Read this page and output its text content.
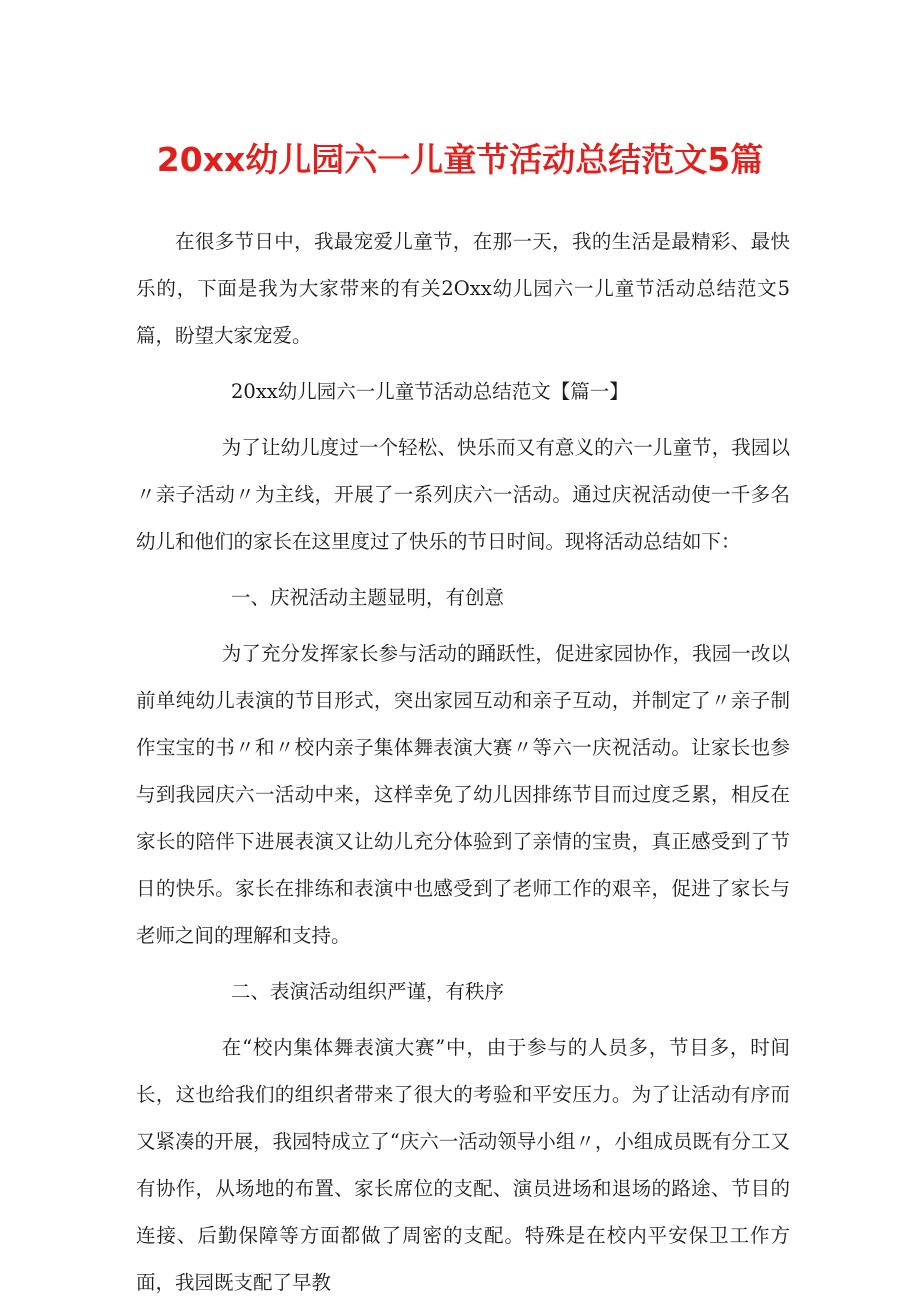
20xx幼儿园六一儿童节活动总结范文5篇

在很多节日中，我最宠爱儿童节，在那一天，我的生活是最精彩、最快乐的，下面是我为大家带来的有关2Oxx幼儿园六一儿童节活动总结范文5篇，盼望大家宠爱。

20xx幼儿园六一儿童节活动总结范文【篇一】

为了让幼儿度过一个轻松、快乐而又有意义的六一儿童节，我园以〃亲子活动〃为主线，开展了一系列庆六一活动。通过庆祝活动使一千多名幼儿和他们的家长在这里度过了快乐的节日时间。现将活动总结如下：

一、庆祝活动主题显明，有创意

为了充分发挥家长参与活动的踊跃性，促进家园协作，我园一改以前单纯幼儿表演的节目形式，突出家园互动和亲子互动，并制定了〃亲子制作宝宝的书〃和〃校内亲子集体舞表演大赛〃等六一庆祝活动。让家长也参与到我园庆六一活动中来，这样幸免了幼儿因排练节目而过度乏累，相反在家长的陪伴下进展表演又让幼儿充分体验到了亲情的宝贵，真正感受到了节日的快乐。家长在排练和表演中也感受到了老师工作的艰辛，促进了家长与老师之间的理解和支持。

二、表演活动组织严谨，有秩序

在“校内集体舞表演大赛”中，由于参与的人员多，节目多，时间长，这也给我们的组织者带来了很大的考验和平安压力。为了让活动有序而又紧凑的开展，我园特成立了“庆六一活动领导小组〃，小组成员既有分工又有协作，从场地的布置、家长席位的支配、演员进场和退场的路途、节目的连接、后勤保障等方面都做了周密的支配。特殊是在校内平安保卫工作方面，我园既支配了早教
